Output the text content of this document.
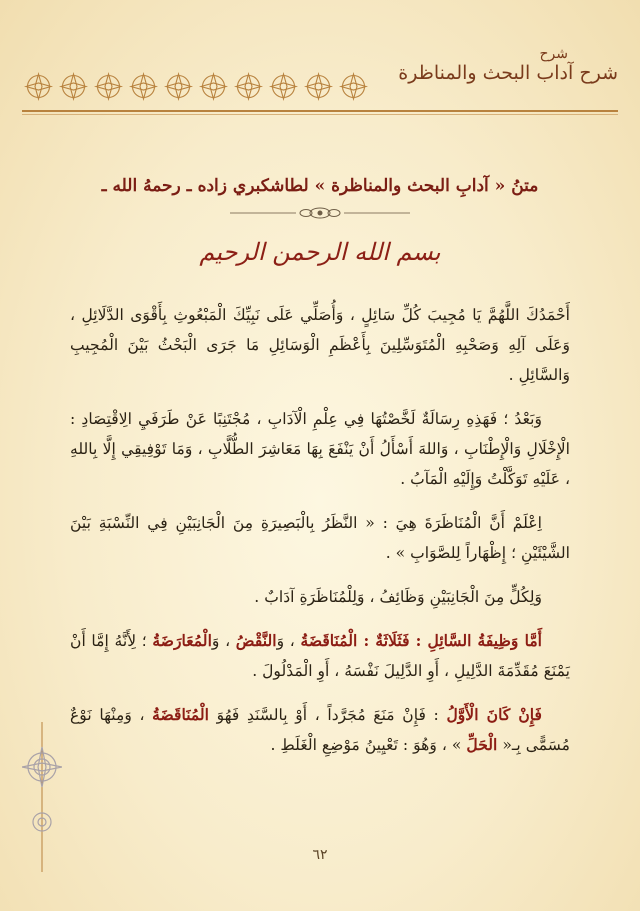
شرح
شرح آداب البحث والمناظرة
متنُ « آدابِ البحث والمناظرة » لطاشكبري زاده ـ رحمهُ الله ـ
بسم الله الرحمن الرحيم

أَحْمَدُكَ اللَّهُمَّ يَا مُجِيبَ كُلِّ سَائِلٍ ، وَأُصَلِّي عَلَى نَبِيِّكَ الْمَبْعُوثِ بِأَقْوَى الدَّلَائِلِ ، وَعَلَى آلِهِ وَصَحْبِهِ الْمُتَوَسِّلِينَ بِأَعْظَمِ الْوَسَائِلِ مَا جَرَى الْبَحْثُ بَيْنَ الْمُجِيبِ وَالسَّائِلِ .

وَبَعْدُ ؛ فَهَذِهِ رِسَالَةٌ لَخَّصْتُهَا فِي عِلْمِ الْآدَابِ ، مُجْتَنِبًا عَنْ طَرَفَيِ الِاقْتِصَادِ : الْإِخْلَالِ وَالْإِطْنَابِ ، وَاللهَ أَسْأَلُ أَنْ يَنْفَعَ بِهَا مَعَاشِرَ الطُّلَّابِ ، وَمَا تَوْفِيقِي إِلَّا بِاللهِ ، عَلَيْهِ تَوَكَّلْتُ وَإِلَيْهِ الْمَآبُ .

اِعْلَمْ أَنَّ الْمُنَاظَرَةَ هِيَ : « النَّظَرُ بِالْبَصِيرَةِ مِنَ الْجَانِبَيْنِ فِي النِّسْبَةِ بَيْنَ الشَّيْئَيْنِ ؛ إِظْهَاراً لِلصَّوَابِ » .

وَلِكُلٍّ مِنَ الْجَانِبَيْنِ وَظَائِفُ ، وَلِلْمُنَاظَرَةِ آدَابٌ .

أَمَّا وَظِيفَةُ السَّائِلِ : فَثَلَاثَةٌ : الْمُنَاقَضَةُ ، وَالنَّقْضُ ، وَالْمُعَارَضَةُ ؛ لِأَنَّهُ إِمَّا أَنْ يَمْنَعَ مُقَدِّمَةَ الدَّلِيلِ ، أَوِ الدَّلِيلَ نَفْسَهُ ، أَوِ الْمَدْلُولَ .

فَإِنْ كَانَ الْأَوَّلُ : فَإِنْ مَنَعَ مُجَرَّداً ، أَوْ بِالسَّنَدِ فَهُوَ الْمُنَاقَضَةُ ، وَمِنْهَا نَوْعٌ مُسَمًّى بِـ« الْحَلِّ » ، وَهُوَ : تَعْيِينُ مَوْضِعِ الْغَلَطِ .

٦٢
